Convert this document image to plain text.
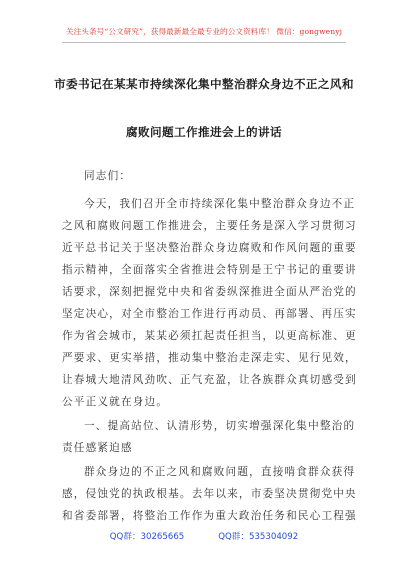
关注头条号“公文研究”，获得最新最全最专业的公文资料库！ 微信：gongwenyj
市委书记在某某市持续深化集中整治群众身边不正之风和
腐败问题工作推进会上的讲话
同志们：
今天，我们召开全市持续深化集中整治群众身边不正
之风和腐败问题工作推进会，主要任务是深入学习贯彻习
近平总书记关于坚决整治群众身边腐败和作风问题的重要
指示精神，全面落实全省推进会特别是王宁书记的重要讲
话要求，深刻把握党中央和省委纵深推进全面从严治党的
坚定决心，对全市整治工作进行再动员、再部署、再压实
作为省会城市，某某必须扛起责任担当，以更高标准、更
严要求、更实举措，推动集中整治走深走实、见行见效，
让春城大地清风劲吹、正气充盈，让各族群众真切感受到
公平正义就在身边。
一、提高站位、认清形势，切实增强深化集中整治的
责任感紧迫感
群众身边的不正之风和腐败问题，直接啃食群众获得
感，侵蚀党的执政根基。去年以来，市委坚决贯彻党中央
和省委部署，将整治工作作为重大政治任务和民心工程强
QQ群：30265665	QQ群：535304092
